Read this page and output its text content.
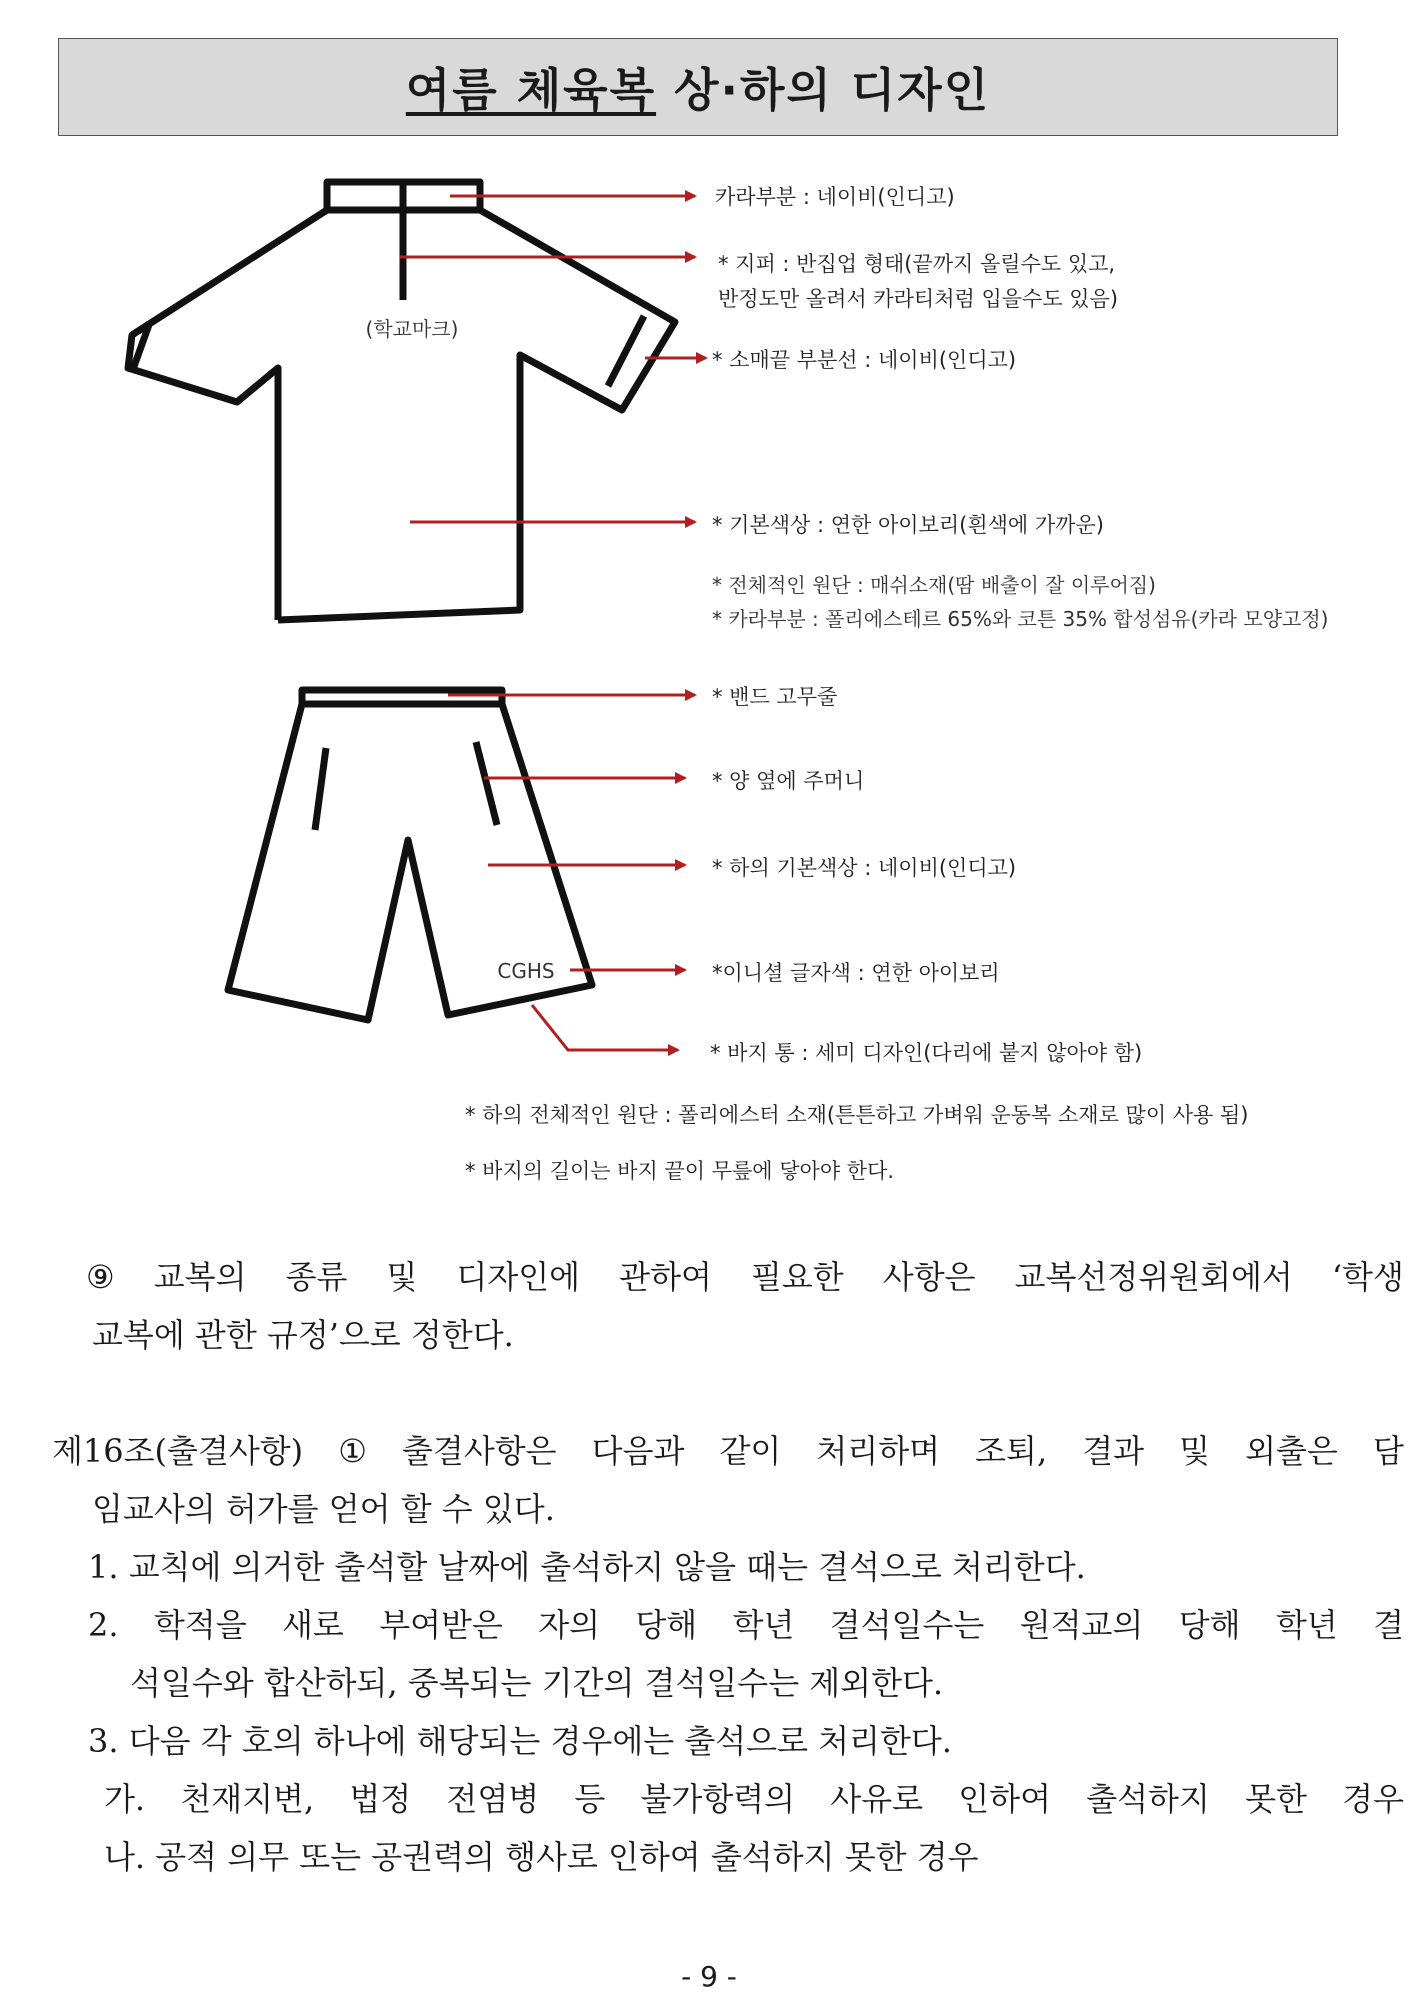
여름 체육복 상·하의 디자인
(학교마크)
CGHS
카라부분 : 네이비(인디고)
* 지퍼 : 반집업 형태(끝까지 올릴수도 있고,
반정도만 올려서 카라티처럼 입을수도 있음)
* 소매끝 부분선 : 네이비(인디고)
* 기본색상 : 연한 아이보리(흰색에 가까운)
* 전체적인 원단 : 매쉬소재(땀 배출이 잘 이루어짐)
* 카라부분 : 폴리에스테르 65%와 코튼 35% 합성섬유(카라 모양고정)
* 밴드 고무줄
* 양 옆에 주머니
* 하의 기본색상 : 네이비(인디고)
*이니셜 글자색 : 연한 아이보리
* 바지 통 : 세미 디자인(다리에 붙지 않아야 함)
* 하의 전체적인 원단 : 폴리에스터 소재(튼튼하고 가벼워 운동복 소재로 많이 사용 됨)
* 바지의 길이는 바지 끝이 무릎에 닿아야 한다.
⑨ 교복의 종류 및 디자인에 관하여 필요한 사항은 교복선정위원회에서 ‘학생
교복에 관한 규정’으로 정한다.
제16조(출결사항) ① 출결사항은 다음과 같이 처리하며 조퇴, 결과 및 외출은 담
임교사의 허가를 얻어 할 수 있다.
1. 교칙에 의거한 출석할 날짜에 출석하지 않을 때는 결석으로 처리한다.
2. 학적을 새로 부여받은 자의 당해 학년 결석일수는 원적교의 당해 학년 결
석일수와 합산하되, 중복되는 기간의 결석일수는 제외한다.
3. 다음 각 호의 하나에 해당되는 경우에는 출석으로 처리한다.
가. 천재지변, 법정 전염병 등 불가항력의 사유로 인하여 출석하지 못한 경우
나. 공적 의무 또는 공권력의 행사로 인하여 출석하지 못한 경우
- 9 -
